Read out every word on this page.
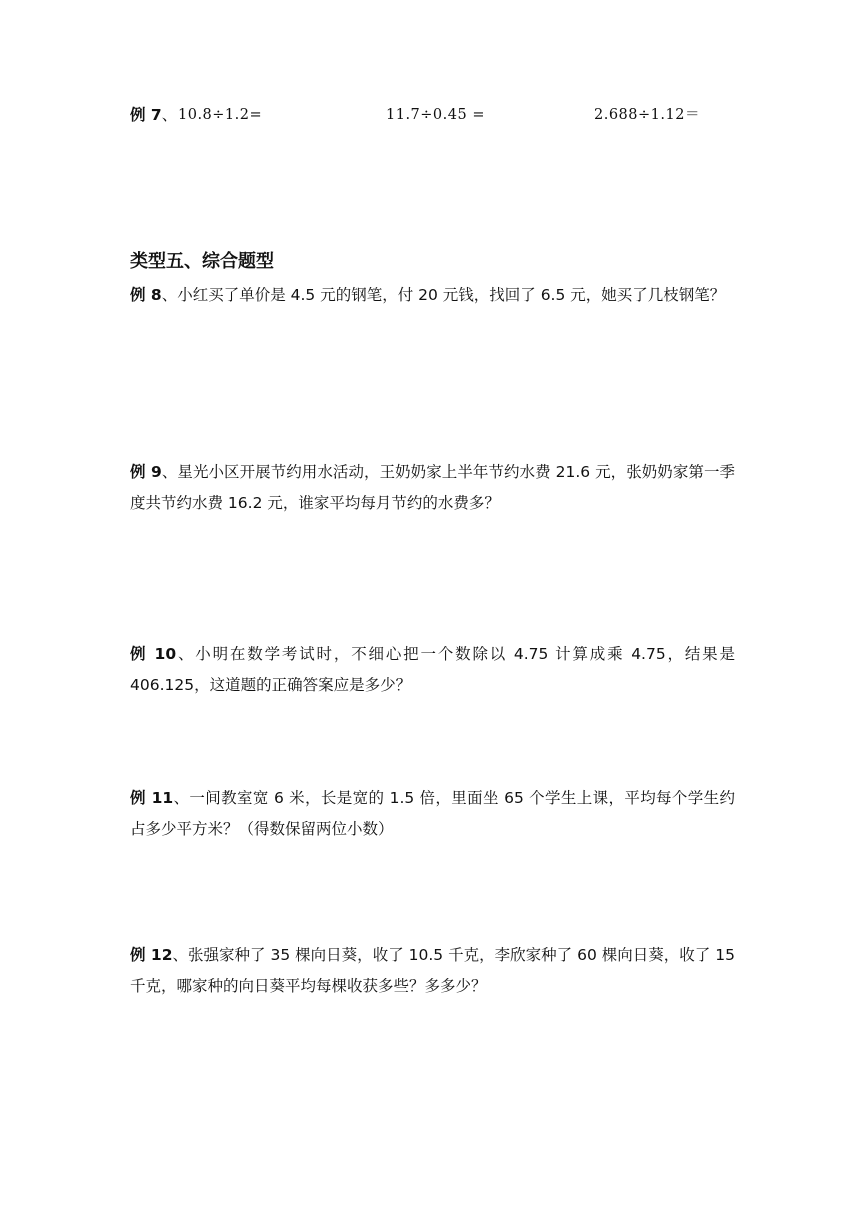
例 7、 10.8÷1.2=	11.7÷0.45 =	2.688÷1.12＝
类型五、综合题型
例 8、小红买了单价是 4.5 元的钢笔，付 20 元钱，找回了 6.5 元，她买了几枝钢笔？
例 9、星光小区开展节约用水活动，王奶奶家上半年节约水费 21.6 元，张奶奶家第一季度共节约水费 16.2 元，谁家平均每月节约的水费多？
例 10、小明在数学考试时，不细心把一个数除以 4.75 计算成乘 4.75，结果是 406.125，这道题的正确答案应是多少？
例 11、一间教室宽 6 米，长是宽的 1.5 倍，里面坐 65 个学生上课，平均每个学生约占多少平方米？（得数保留两位小数）
例 12、张强家种了 35 棵向日葵，收了 10.5 千克，李欣家种了 60 棵向日葵，收了 15 千克，哪家种的向日葵平均每棵收获多些？多多少？
